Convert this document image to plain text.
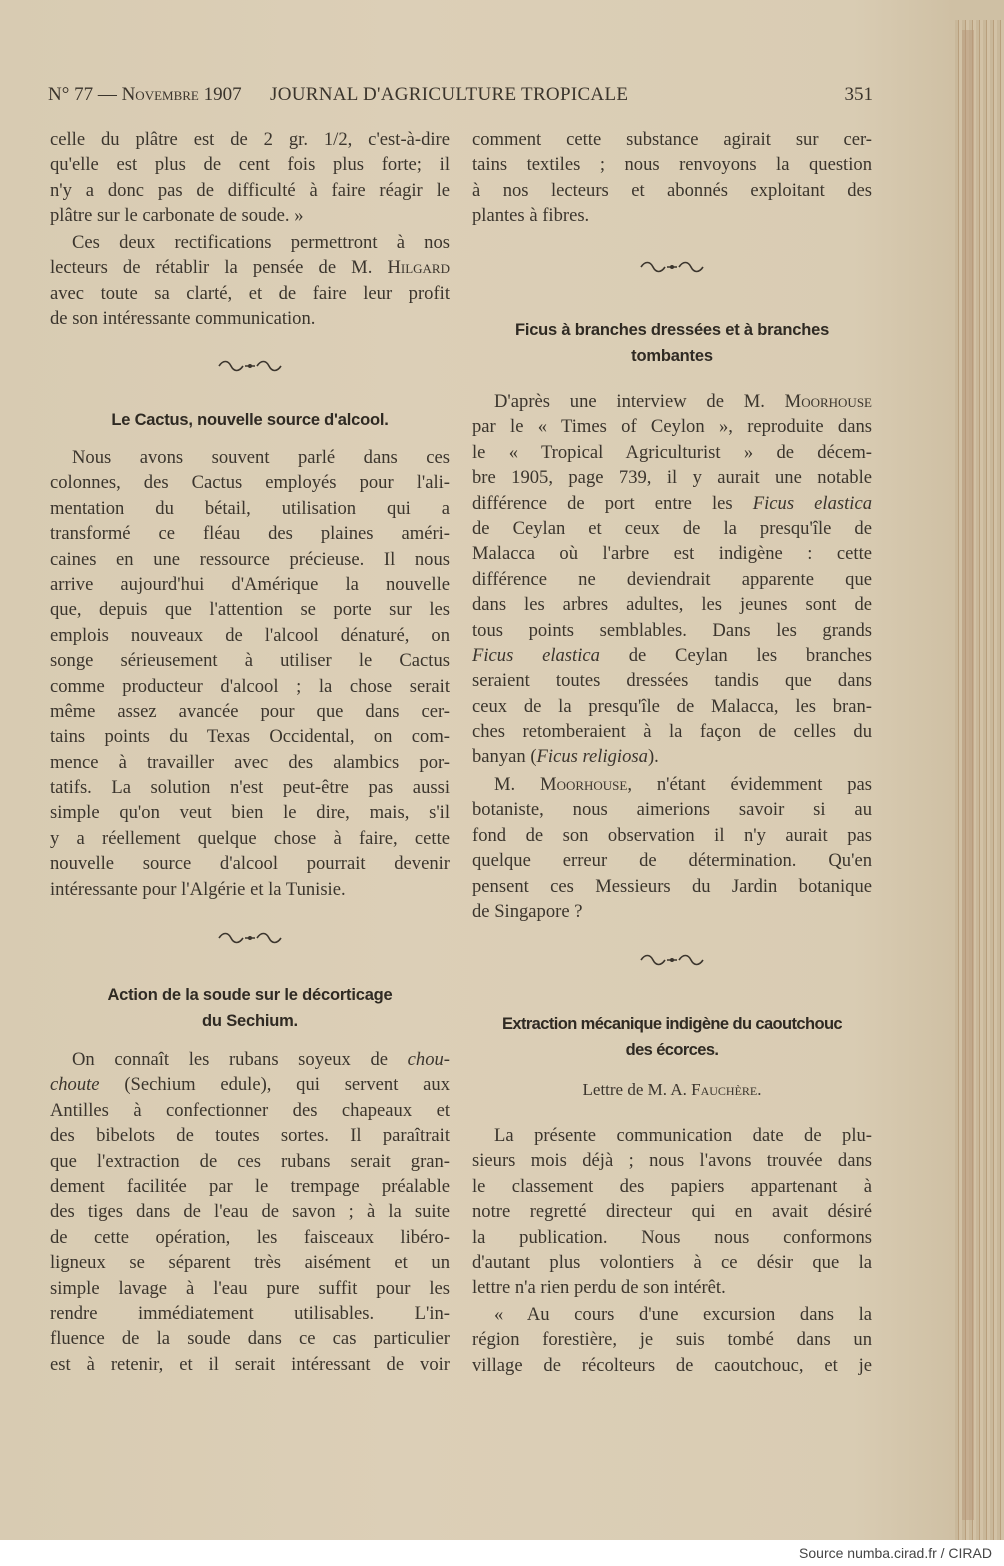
N° 77 — Novembre 1907 JOURNAL D'AGRICULTURE TROPICALE	351
celle du plâtre est de 2 gr. 1/2, c'est-à-dire
qu'elle est plus de cent fois plus forte; il
n'y a donc pas de difficulté à faire réagir le
plâtre sur le carbonate de soude. »
Ces deux rectifications permettront à nos
lecteurs de rétablir la pensée de M. Hilgard
avec toute sa clarté, et de faire leur profit
de son intéressante communication.
Le Cactus, nouvelle source d'alcool.
Nous avons souvent parlé dans ces
colonnes, des Cactus employés pour l'ali-
mentation du bétail, utilisation qui a
transformé ce fléau des plaines améri-
caines en une ressource précieuse. Il nous
arrive aujourd'hui d'Amérique la nouvelle
que, depuis que l'attention se porte sur les
emplois nouveaux de l'alcool dénaturé, on
songe sérieusement à utiliser le Cactus
comme producteur d'alcool ; la chose serait
même assez avancée pour que dans cer-
tains points du Texas Occidental, on com-
mence à travailler avec des alambics por-
tatifs. La solution n'est peut-être pas aussi
simple qu'on veut bien le dire, mais, s'il
y a réellement quelque chose à faire, cette
nouvelle source d'alcool pourrait devenir
intéressante pour l'Algérie et la Tunisie.
Action de la soude sur le décorticage
du Sechium.
On connaît les rubans soyeux de chou-
choute (Sechium edule), qui servent aux
Antilles à confectionner des chapeaux et
des bibelots de toutes sortes. Il paraîtrait
que l'extraction de ces rubans serait gran-
dement facilitée par le trempage préalable
des tiges dans de l'eau de savon ; à la suite
de cette opération, les faisceaux libéro-
ligneux se séparent très aisément et un
simple lavage à l'eau pure suffit pour les
rendre immédiatement utilisables. L'in-
fluence de la soude dans ce cas particulier
est à retenir, et il serait intéressant de voir
comment cette substance agirait sur cer-
tains textiles ; nous renvoyons la question
à nos lecteurs et abonnés exploitant des
plantes à fibres.
Ficus à branches dressées et à branches
tombantes
D'après une interview de M. Moorhouse
par le « Times of Ceylon », reproduite dans
le « Tropical Agriculturist » de décem-
bre 1905, page 739, il y aurait une notable
différence de port entre les Ficus elastica
de Ceylan et ceux de la presqu'île de
Malacca où l'arbre est indigène : cette
différence ne deviendrait apparente que
dans les arbres adultes, les jeunes sont de
tous points semblables. Dans les grands
Ficus elastica de Ceylan les branches
seraient toutes dressées tandis que dans
ceux de la presqu'île de Malacca, les bran-
ches retomberaient à la façon de celles du
banyan (Ficus religiosa).
M. Moorhouse, n'étant évidemment pas
botaniste, nous aimerions savoir si au
fond de son observation il n'y aurait pas
quelque erreur de détermination. Qu'en
pensent ces Messieurs du Jardin botanique
de Singapore ?
Extraction mécanique indigène du caoutchouc
des écorces.
Lettre de M. A. Fauchère.
La présente communication date de plu-
sieurs mois déjà ; nous l'avons trouvée dans
le classement des papiers appartenant à
notre regretté directeur qui en avait désiré
la publication. Nous nous conformons
d'autant plus volontiers à ce désir que la
lettre n'a rien perdu de son intérêt.
« Au cours d'une excursion dans la
région forestière, je suis tombé dans un
village de récolteurs de caoutchouc, et je
Source numba.cirad.fr / CIRAD
